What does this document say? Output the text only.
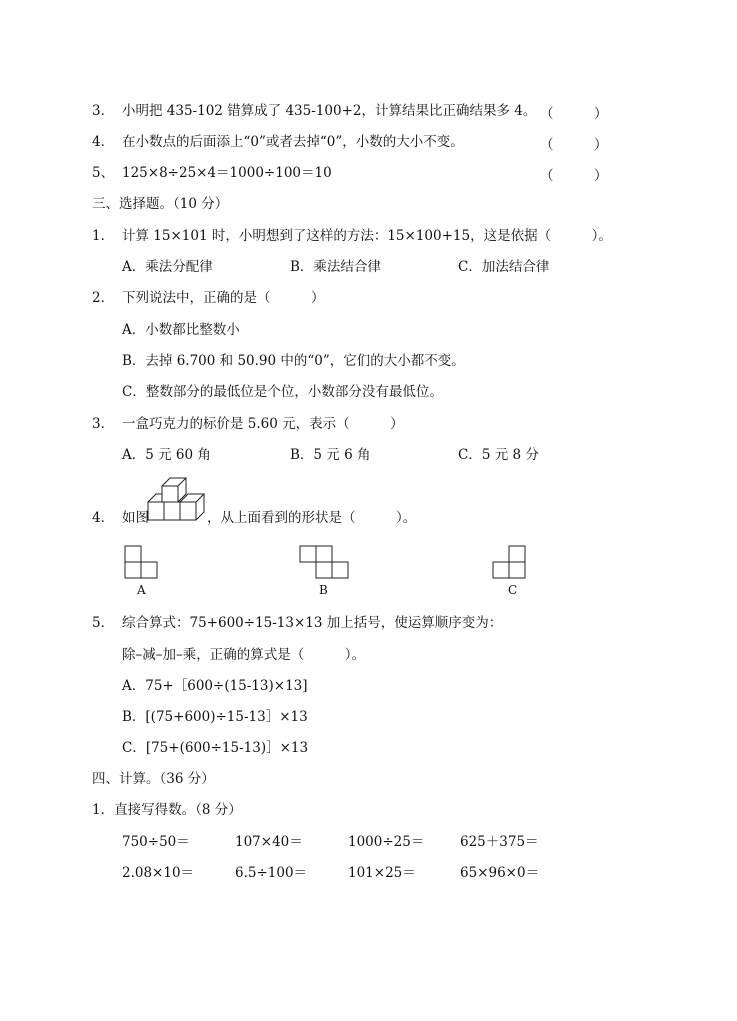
3． 小明把 435-102 错算成了 435-100+2，计算结果比正确结果多 4。 （　　　）
4． 在小数点的后面添上“0”或者去掉“0”，小数的大小不变。	（　　　）
5、 125×8÷25×4＝1000÷100＝10	（　　　）
三、选择题。（10 分）
1． 计算 15×101 时，小明想到了这样的方法：15×100+15，这是依据（　　　）。
A．乘法分配律	B．乘法结合律	C．加法结合律
2． 下列说法中，正确的是（　　　）
A．小数都比整数小
B．去掉 6.700 和 50.90 中的“0”，它们的大小都不变。
C．整数部分的最低位是个位，小数部分没有最低位。
3． 一盒巧克力的标价是 5.60 元，表示（　　　）
A．5 元 60 角	B．5 元 6 角	C．5 元 8 分
4． 如图	，从上面看到的形状是（　　　）。
A	B	C
5． 综合算式：75+600÷15-13×13 加上括号，使运算顺序变为：
除–减–加–乘，正确的算式是（　　　）。
A．75+［600÷(15-13)×13]
B．[(75+600)÷15-13］×13
C．[75+(600÷15-13)］×13
四、计算。（36 分）
1．直接写得数。（8 分）
750÷50＝	107×40＝	1000÷25＝	625＋375＝
2.08×10＝	6.5÷100＝	101×25＝	65×96×0＝
